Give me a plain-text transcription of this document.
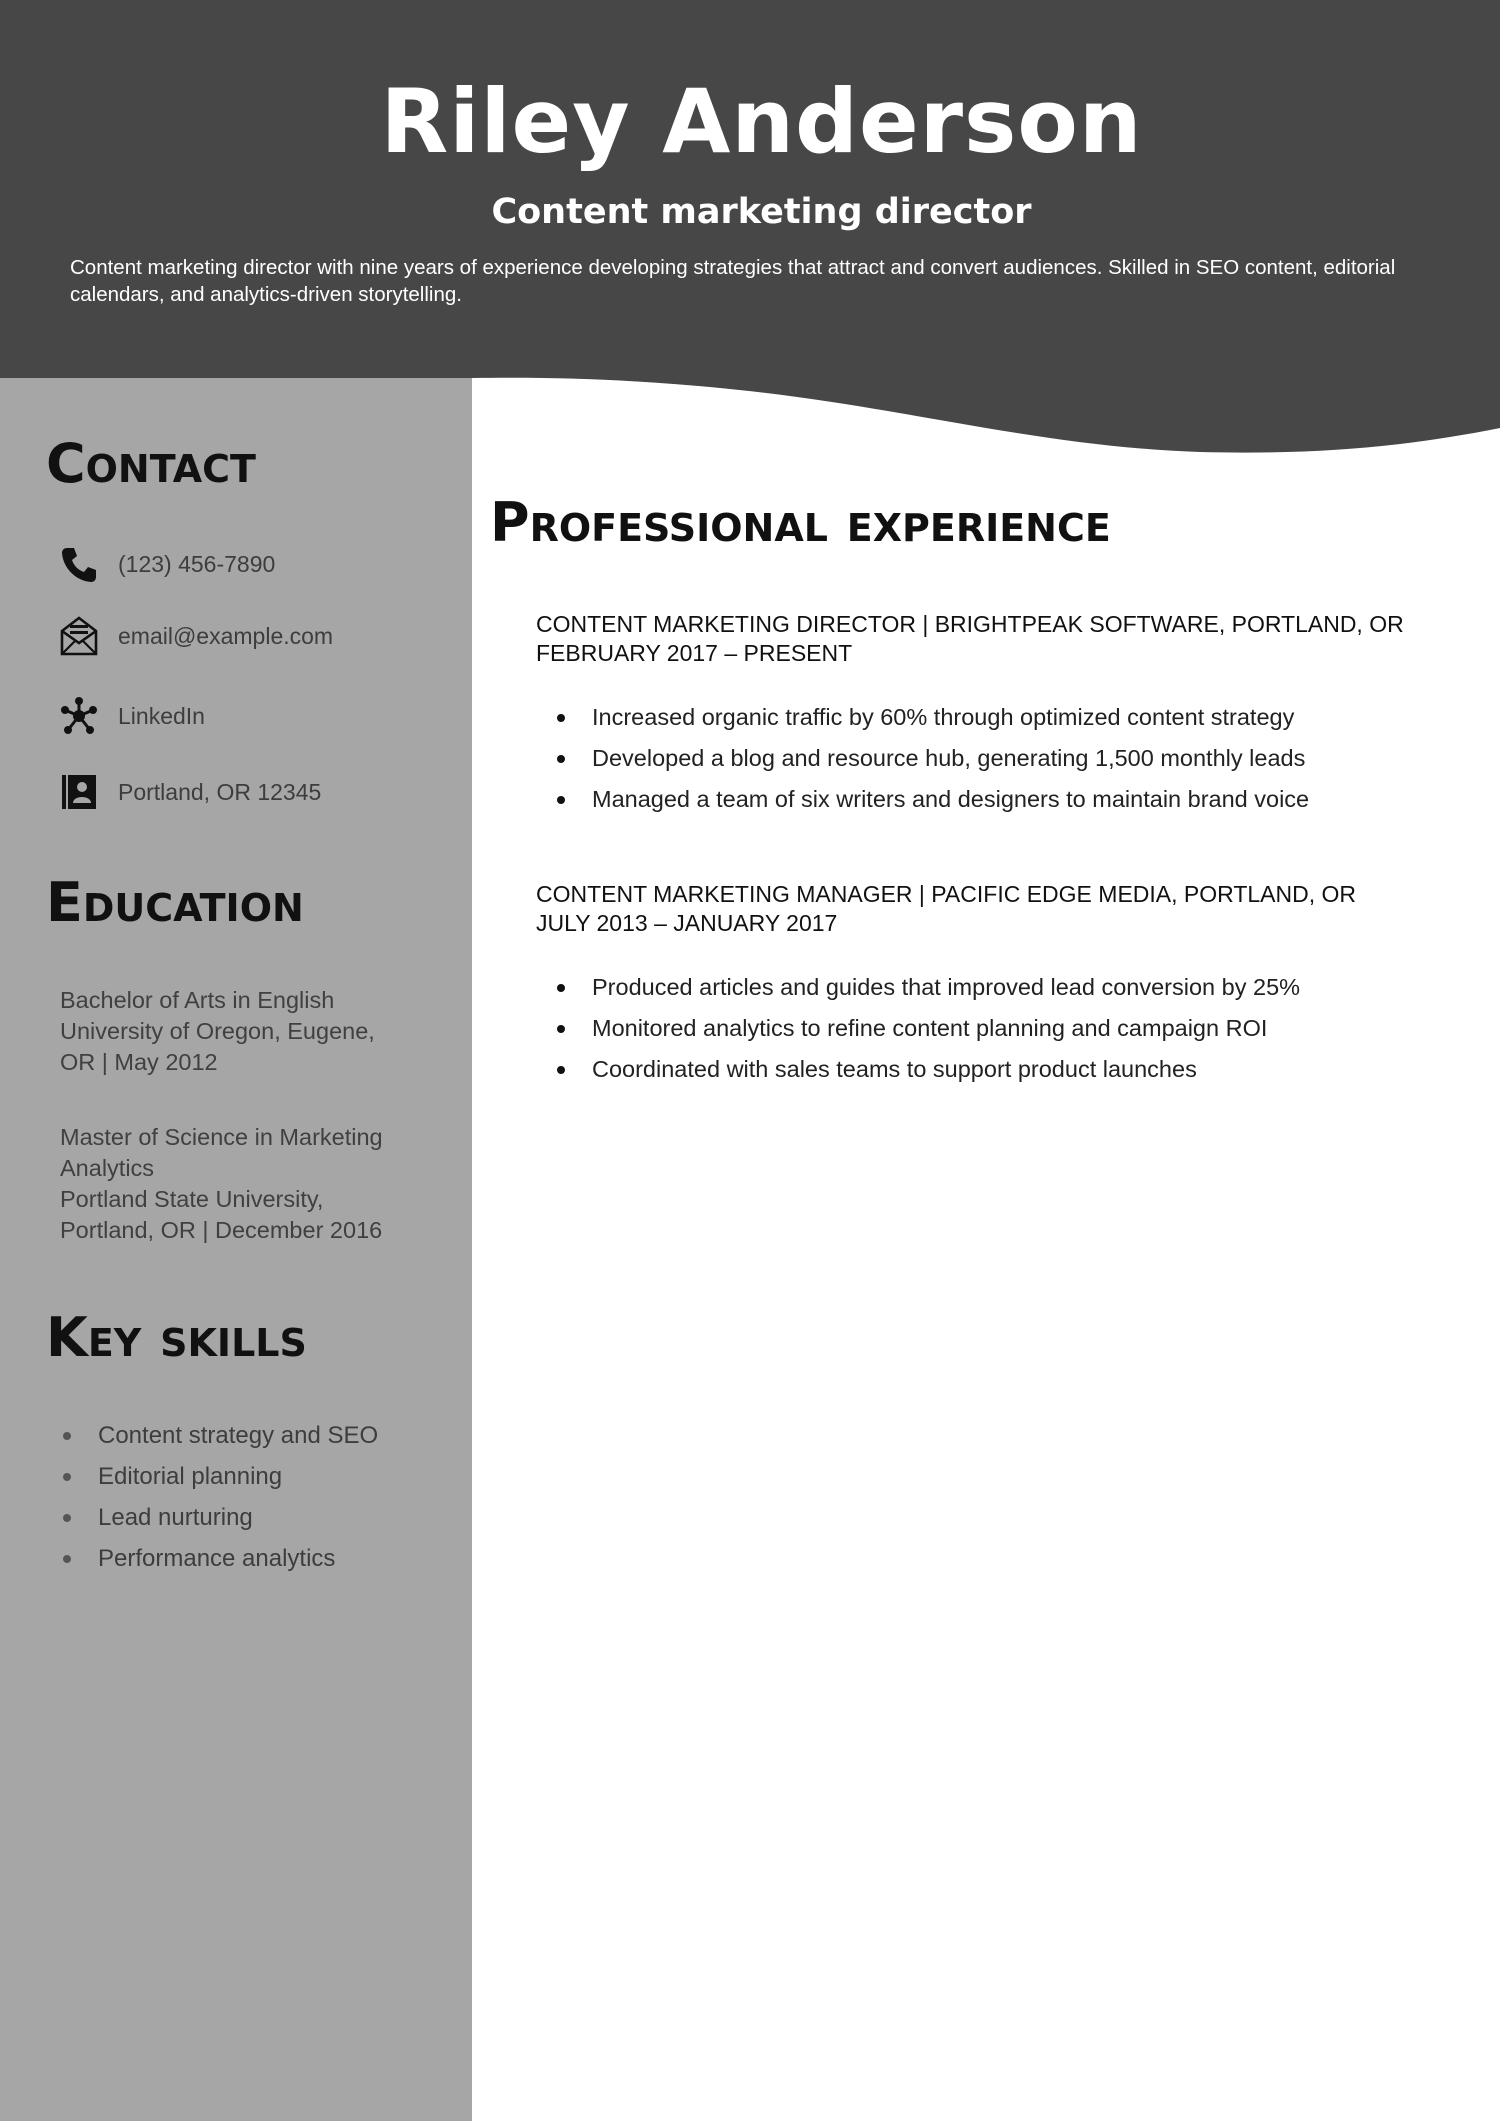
Riley Anderson
Content marketing director

Content marketing director with nine years of experience developing strategies that attract and convert audiences. Skilled in SEO content, editorial calendars, and analytics-driven storytelling.

Contact
(123) 456-7890
email@example.com
LinkedIn
Portland, OR 12345
Education

Bachelor of Arts in English
University of Oregon, Eugene,
OR | May 2012

Master of Science in Marketing
Analytics
Portland State University,
Portland, OR | December 2016

Key skills
Content strategy and SEO
Editorial planning
Lead nurturing
Performance analytics
Professional experience

CONTENT MARKETING DIRECTOR | BRIGHTPEAK SOFTWARE, PORTLAND, OR
FEBRUARY 2017 – PRESENT

Increased organic traffic by 60% through optimized content strategy
Developed a blog and resource hub, generating 1,500 monthly leads
Managed a team of six writers and designers to maintain brand voice

CONTENT MARKETING MANAGER | PACIFIC EDGE MEDIA, PORTLAND, OR
JULY 2013 – JANUARY 2017

Produced articles and guides that improved lead conversion by 25%
Monitored analytics to refine content planning and campaign ROI
Coordinated with sales teams to support product launches
